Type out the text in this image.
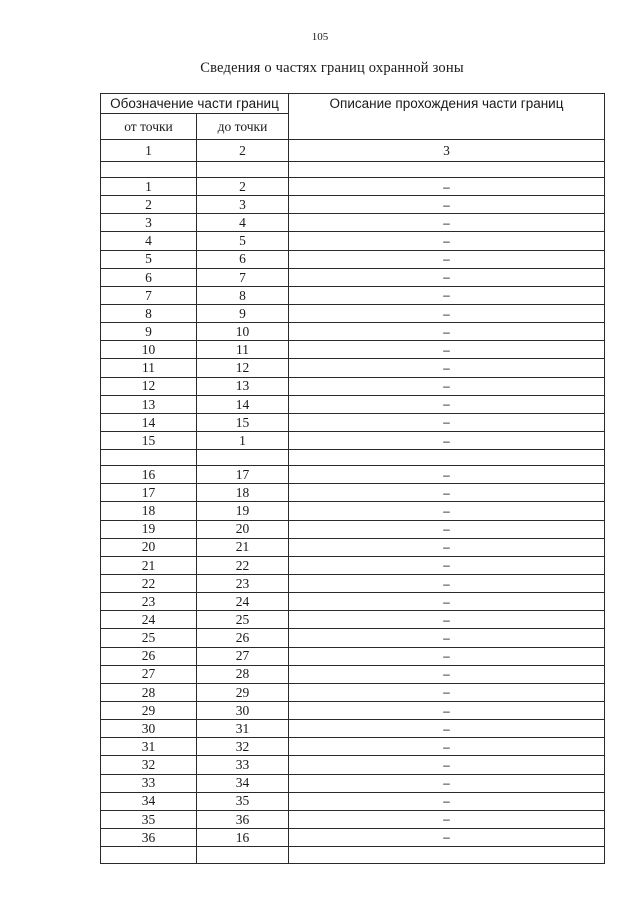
105
Сведения о частях границ охранной зоны
Обозначение части границ		Описание прохождения части границ
от точки	до точки	
1	2	3

1	2	–
2	3	–
3	4	–
4	5	–
5	6	–
6	7	–
7	8	–
8	9	–
9	10	–
10	11	–
11	12	–
12	13	–
13	14	–
14	15	–
15	1	–

16	17	–
17	18	–
18	19	–
19	20	–
20	21	–
21	22	–
22	23	–
23	24	–
24	25	–
25	26	–
26	27	–
27	28	–
28	29	–
29	30	–
30	31	–
31	32	–
32	33	–
33	34	–
34	35	–
35	36	–
36	16	–
